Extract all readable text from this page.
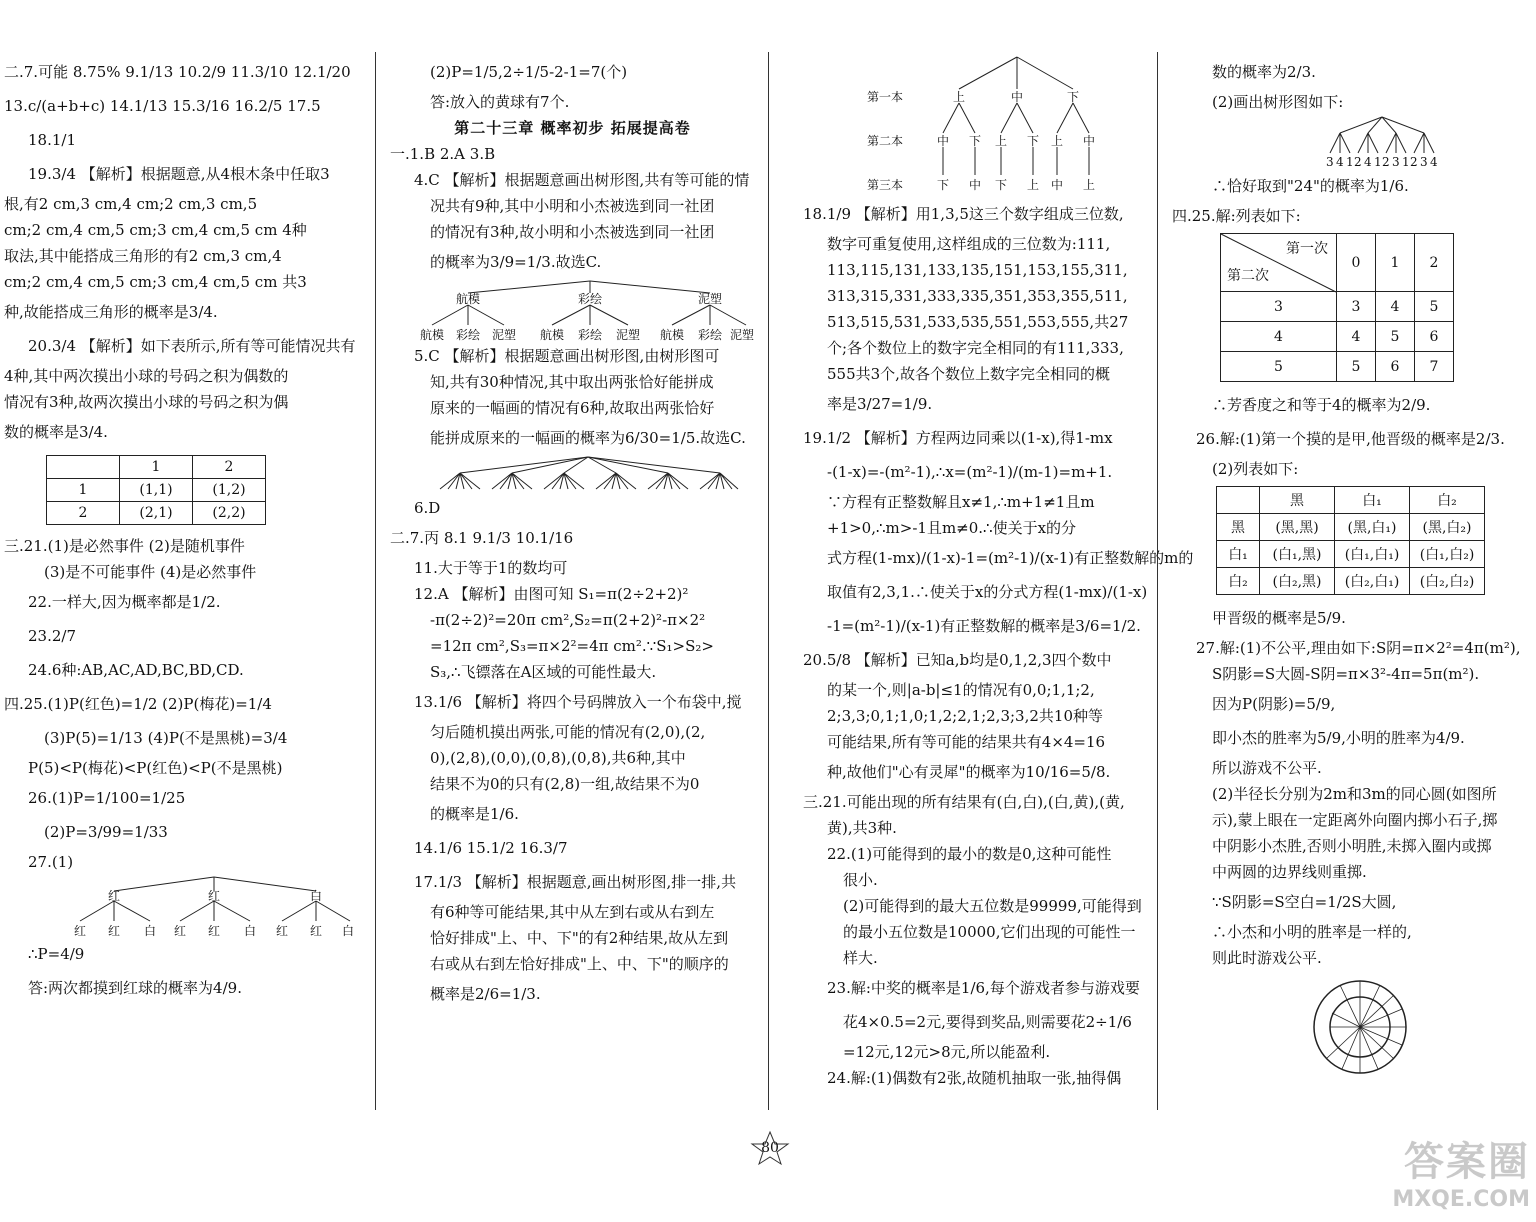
二.7.可能 8.75% 9.1/13 10.2/9 11.3/10 12.1/20

13.c/(a+b+c) 14.1/13 15.3/16 16.2/5 17.5

18.1/1

19.3/4 【解析】根据题意,从4根木条中任取3

根,有2 cm,3 cm,4 cm;2 cm,3 cm,5

cm;2 cm,4 cm,5 cm;3 cm,4 cm,5 cm 4种

取法,其中能搭成三角形的有2 cm,3 cm,4

cm;2 cm,4 cm,5 cm;3 cm,4 cm,5 cm 共3

种,故能搭成三角形的概率是3/4.

20.3/4 【解析】如下表所示,所有等可能情况共有

4种,其中两次摸出小球的号码之积为偶数的

情况有3种,故两次摸出小球的号码之积为偶

数的概率是3/4.

	1	2
1	(1,1)	(1,2)
2	(2,1)	(2,2)

三.21.(1)是必然事件 (2)是随机事件

(3)是不可能事件 (4)是必然事件

22.一样大,因为概率都是1/2.

23.2/7

24.6种:AB,AC,AD,BC,BD,CD.

四.25.(1)P(红色)=1/2 (2)P(梅花)=1/4

(3)P(5)=1/13 (4)P(不是黑桃)=3/4

P(5)<P(梅花)<P(红色)<P(不是黑桃)

26.(1)P=1/100=1/25

(2)P=3/99=1/33

27.(1)

红	红	白
红 红 白 红 红 白 红 红 白

∴P=4/9

答:两次都摸到红球的概率为4/9.

(2)P=1/5,2÷1/5-2-1=7(个)

答:放入的黄球有7个.

第二十三章 概率初步 拓展提高卷

一.1.B 2.A 3.B

4.C 【解析】根据题意画出树形图,共有等可能的情

况共有9种,其中小明和小杰被选到同一社团

的情况有3种,故小明和小杰被选到同一社团

的概率为3/9=1/3.故选C.

航模	彩绘	泥塑
航模 彩绘 泥塑 航模 彩绘 泥塑 航模 彩绘 泥塑

5.C 【解析】根据题意画出树形图,由树形图可

知,共有30种情况,其中取出两张恰好能拼成

原来的一幅画的情况有6种,故取出两张恰好

能拼成原来的一幅画的概率为6/30=1/5.故选C.

6.D

二.7.丙 8.1 9.1/3 10.1/16

11.大于等于1的数均可

12.A 【解析】由图可知 S₁=π(2÷2+2)²

-π(2÷2)²=20π cm²,S₂=π(2+2)²-π×2²

=12π cm²,S₃=π×2²=4π cm².∵S₁>S₂>

S₃,∴飞镖落在A区域的可能性最大.

13.1/6 【解析】将四个号码牌放入一个布袋中,搅

匀后随机摸出两张,可能的情况有(2,0),(2,

0),(2,8),(0,0),(0,8),(0,8),共6种,其中

结果不为0的只有(2,8)一组,故结果不为0

的概率是1/6.

14.1/6 15.1/2 16.3/7

17.1/3 【解析】根据题意,画出树形图,排一排,共

有6种等可能结果,其中从左到右或从右到左

恰好排成"上、中、下"的有2种结果,故从左到

右或从右到左恰好排成"上、中、下"的顺序的

概率是2/6=1/3.

第一本
第二本
第三本
上	中	下
中 下 上 下 上 中
下 中 下 上 中 上

18.1/9 【解析】用1,3,5这三个数字组成三位数,

数字可重复使用,这样组成的三位数为:111,

113,115,131,133,135,151,153,155,311,

313,315,331,333,335,351,353,355,511,

513,515,531,533,535,551,553,555,共27

个;各个数位上的数字完全相同的有111,333,

555共3个,故各个数位上数字完全相同的概

率是3/27=1/9.

19.1/2 【解析】方程两边同乘以(1-x),得1-mx

-(1-x)=-(m²-1),∴x=(m²-1)/(m-1)=m+1.

∵方程有正整数解且x≠1,∴m+1≠1且m

+1>0,∴m>-1且m≠0.∴使关于x的分

式方程(1-mx)/(1-x)-1=(m²-1)/(x-1)有正整数解的m的

取值有2,3,1.∴使关于x的分式方程(1-mx)/(1-x)

-1=(m²-1)/(x-1)有正整数解的概率是3/6=1/2.

20.5/8 【解析】已知a,b均是0,1,2,3四个数中

的某一个,则|a-b|≤1的情况有0,0;1,1;2,

2;3,3;0,1;1,0;1,2;2,1;2,3;3,2共10种等

可能结果,所有等可能的结果共有4×4=16

种,故他们"心有灵犀"的概率为10/16=5/8.

三.21.可能出现的所有结果有(白,白),(白,黄),(黄,

黄),共3种.

22.(1)可能得到的最小的数是0,这种可能性

很小.

(2)可能得到的最大五位数是99999,可能得到

的最小五位数是10000,它们出现的可能性一

样大.

23.解:中奖的概率是1/6,每个游戏者参与游戏要

花4×0.5=2元,要得到奖品,则需要花2÷1/6

=12元,12元>8元,所以能盈利.

24.解:(1)偶数有2张,故随机抽取一张,抽得偶

数的概率为2/3.

(2)画出树形图如下:

3 4 1 2 4 1 2 3 1 2 3 4

∴恰好取到"24"的概率为1/6.

四.25.解:列表如下:

第一次
第二次	0	1	2
3	3	4	5
4	4	5	6
5	5	6	7

∴芳香度之和等于4的概率为2/9.

26.解:(1)第一个摸的是甲,他晋级的概率是2/3.

(2)列表如下:

	黑	白₁	白₂
黑	(黑,黑)	(黑,白₁)	(黑,白₂)
白₁	(白₁,黑)	(白₁,白₁)	(白₁,白₂)
白₂	(白₂,黑)	(白₂,白₁)	(白₂,白₂)

甲晋级的概率是5/9.

27.解:(1)不公平,理由如下:S阴=π×2²=4π(m²),

S阴影=S大圆-S阴=π×3²-4π=5π(m²).

因为P(阴影)=5/9,

即小杰的胜率为5/9,小明的胜率为4/9.

所以游戏不公平.

(2)半径长分别为2m和3m的同心圆(如图所

示),蒙上眼在一定距离外向圈内掷小石子,掷

中阴影小杰胜,否则小明胜,未掷入圈内或掷

中两圆的边界线则重掷.

∵S阴影=S空白=1/2S大圆,

∴小杰和小明的胜率是一样的,

则此时游戏公平.

80	答案圈
MXQE.COM
